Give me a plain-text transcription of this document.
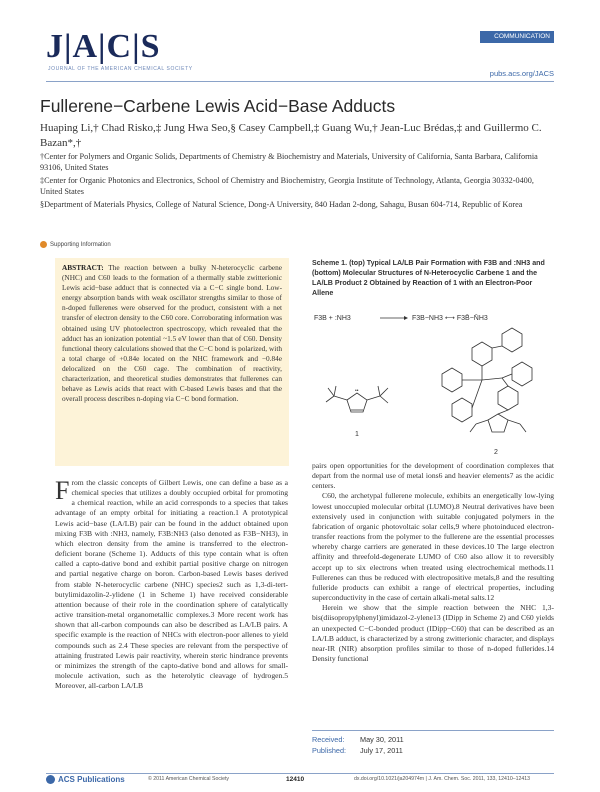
J|A|C|S
JOURNAL OF THE AMERICAN CHEMICAL SOCIETY
COMMUNICATION
pubs.acs.org/JACS
Fullerene−Carbene Lewis Acid−Base Adducts
Huaping Li,† Chad Risko,‡ Jung Hwa Seo,§ Casey Campbell,‡ Guang Wu,† Jean-Luc Brédas,‡ and Guillermo C. Bazan*,†
†Center for Polymers and Organic Solids, Departments of Chemistry & Biochemistry and Materials, University of California, Santa Barbara, California 93106, United States
‡Center for Organic Photonics and Electronics, School of Chemistry and Biochemistry, Georgia Institute of Technology, Atlanta, Georgia 30332-0400, United States
§Department of Materials Physics, College of Natural Science, Dong-A University, 840 Hadan 2-dong, Sahagu, Busan 604-714, Republic of Korea
Supporting Information
ABSTRACT: The reaction between a bulky N-heterocyclic carbene (NHC) and C60 leads to the formation of a thermally stable zwitterionic Lewis acid−base adduct that is connected via a C−C single bond. Low-energy absorption bands with weak oscillator strengths similar to those of n-doped fullerenes were observed for the product, consistent with a net transfer of electron density to the C60 core. Corroborating information was obtained using UV photoelectron spectroscopy, which revealed that the adduct has an ionization potential ~1.5 eV lower than that of C60. Density functional theory calculations showed that the C−C bond is polarized, with a total charge of +0.84e located on the NHC framework and −0.84e delocalized on the C60 cage. The combination of reactivity, characterization, and theoretical studies demonstrates that fullerenes can behave as Lewis acids that react with C-based Lewis bases and that the overall process describes n-doping via C−C bond formation.
Scheme 1. (top) Typical LA/LB Pair Formation with F3B and :NH3 and (bottom) Molecular Structures of N-Heterocyclic Carbene 1 and the LA/LB Product 2 Obtained by Reaction of 1 with an Electron-Poor Allene
F3B + :NH3	F3B−NH3 ⟷ F3B̄−N̄H3
••
1
2
From the classic concepts of Gilbert Lewis, one can define a base as a chemical species that utilizes a doubly occupied orbital for promoting a chemical reaction, while an acid corresponds to a species that takes advantage of an empty orbital for initiating a reaction.1 A prototypical Lewis acid−base (LA/LB) pair can be found in the adduct obtained upon mixing F3B with :NH3, namely, F3B:NH3 (also denoted as F3B−NH3), in which electron density from the amine is transferred to the electron-deficient borane (Scheme 1). Adducts of this type contain what is often called a capto-dative bond and exhibit partial positive charge on nitrogen and partial negative charge on boron. Carbon-based Lewis bases derived from stable N-heterocyclic carbene (NHC) species2 such as 1,3-di-tert-butylimidazolin-2-ylidene (1 in Scheme 1) have received considerable attention because of their role in the coordination sphere of catalytically active transition-metal organometallic complexes.3 More recent work has shown that all-carbon compounds can also be described as LA/LB pairs. A specific example is the reaction of NHCs with electron-poor allenes to yield compounds such as 2.4 These species are relevant from the perspective of attaining frustrated Lewis pair reactivity, wherein steric hindrance prevents or minimizes the strength of the capto-dative bond and allows for small-molecule activation, such as the heterolytic cleavage of hydrogen.5 Moreover, all-carbon LA/LB
pairs open opportunities for the development of coordination complexes that depart from the normal use of metal ions6 and heavier elements7 as the acidic centers.
C60, the archetypal fullerene molecule, exhibits an energetically low-lying lowest unoccupied molecular orbital (LUMO).8 Neutral derivatives have been extensively used in conjunction with suitable conjugated polymers in the fabrication of organic photovoltaic solar cells,9 where photoinduced electron-transfer reactions from the polymer to the fullerene are the essential processes whereby charge carriers are generated in these devices.10 The large electron affinity and threefold-degenerate LUMO of C60 also allow it to reversibly accept up to six electrons when treated using electrochemical methods.11 Fullerenes can thus be reduced with electropositive metals,8 and the resulting fulleride products can exhibit a range of electrical properties, including superconductivity in the case of certain alkali-metal salts.12
Herein we show that the simple reaction between the NHC 1,3-bis(diisopropylphenyl)imidazol-2-ylene13 (IDipp in Scheme 2) and C60 yields an unexpected C−C-bonded product (IDipp−C60) that can be described as an LA/LB adduct, is characterized by a strong zwitterionic character, and displays near-IR (NIR) absorption profiles similar to those of n-doped fullerides.14 Density functional
Received: May 30, 2011
Published: July 17, 2011
ACS Publications	© 2011 American Chemical Society	12410	dx.doi.org/10.1021/ja204974m | J. Am. Chem. Soc. 2011, 133, 12410–12413
